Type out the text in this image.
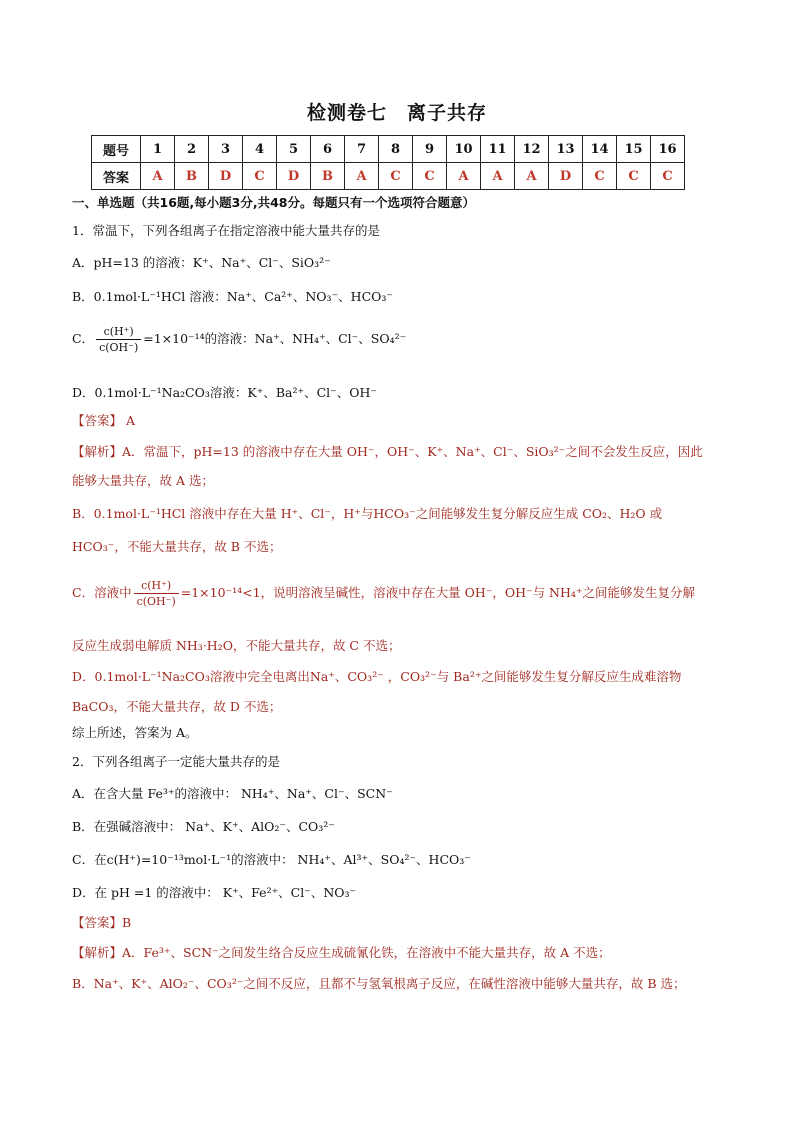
检测卷七　离子共存
题号	1	2	3	4	5	6	7	8	9	10	11	12	13	14	15	16
答案	A	B	D	C	D	B	A	C	C	A	A	A	D	C	C	C
一、单选题（共16题,每小题3分,共48分。每题只有一个选项符合题意）
1．常温下，下列各组离子在指定溶液中能大量共存的是
A．pH=13 的溶液：K⁺、Na⁺、Cl⁻、SiO₃²⁻
B．0.1mol·L⁻¹HCl 溶液：Na⁺、Ca²⁺、NO₃⁻、HCO₃⁻
C． $\frac{c(H^+)}{c(OH^-)} =1\times 10^{-14}$的溶液：Na⁺、NH₄⁺、Cl⁻、SO₄²⁻
D．0.1mol·L⁻¹Na₂CO₃溶液：K⁺、Ba²⁺、Cl⁻、OH⁻
【答案】 A
【解析】A．常温下，pH=13 的溶液中存在大量 OH⁻，OH⁻、K⁺、Na⁺、Cl⁻、SiO₃²⁻之间不会发生反应，因此
能够大量共存，故 A 选；
B．0.1mol·L⁻¹HCl 溶液中存在大量 H⁺、Cl⁻，H⁺与HCO₃⁻之间能够发生复分解反应生成 CO₂、H₂O 或
HCO₃⁻，不能大量共存，故 B 不选；
C．溶液中 $\frac{c(H^+)}{c(OH^-)} =1\times 10^{-14}<1$，说明溶液呈碱性，溶液中存在大量 OH⁻，OH⁻与 NH₄⁺之间能够发生复分解
反应生成弱电解质 NH₃·H₂O，不能大量共存，故 C 不选；
D．0.1mol·L⁻¹Na₂CO₃溶液中完全电离出Na⁺、CO₃²⁻ ，CO₃²⁻与 Ba²⁺之间能够发生复分解反应生成难溶物
BaCO₃，不能大量共存，故 D 不选；
综上所述，答案为 A。
2．下列各组离子一定能大量共存的是
A．在含大量 Fe³⁺的溶液中： NH₄⁺、Na⁺、Cl⁻、SCN⁻
B．在强碱溶液中： Na⁺、K⁺、AlO₂⁻、CO₃²⁻
C．在c(H⁺)=10⁻¹³mol·L⁻¹的溶液中： NH₄⁺、Al³⁺、SO₄²⁻、HCO₃⁻
D．在 pH =1 的溶液中： K⁺、Fe²⁺、Cl⁻、NO₃⁻
【答案】B
【解析】A．Fe³⁺、SCN⁻之间发生络合反应生成硫氰化铁，在溶液中不能大量共存，故 A 不选；
B．Na⁺、K⁺、AlO₂⁻、CO₃²⁻之间不反应，且都不与氢氧根离子反应，在碱性溶液中能够大量共存，故 B 选；
